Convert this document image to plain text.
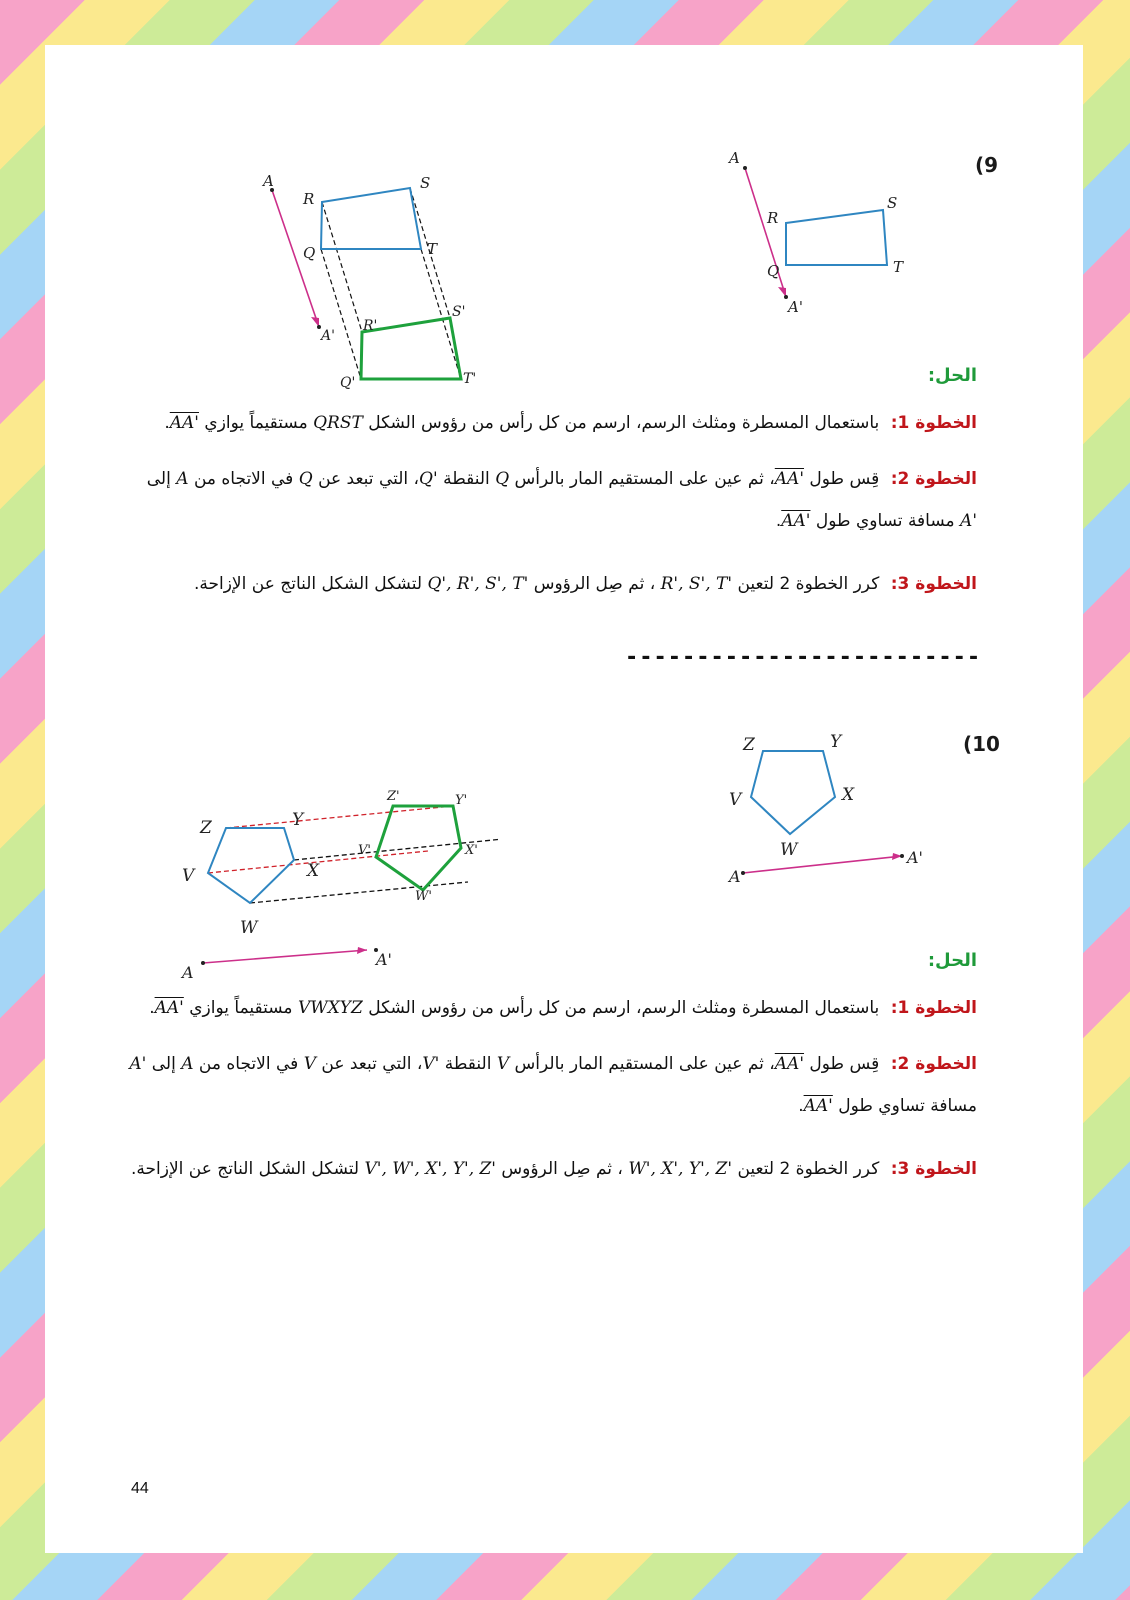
(9
A
R
S
Q	T
A'
A
R
S
Q	T
A'
R'
S'
Q'	T'	الحل:
الخطوة 1: باستعمال المسطرة ومثلث الرسم، ارسم من كل رأس من رؤوس الشكل QRST مستقيماً يوازي AA'.
الخطوة 2: قِس طول AA'، ثم عين على المستقيم المار بالرأس Q النقطة Q'، التي تبعد عن Q في الاتجاه من A إلى A' مسافة تساوي طول AA'.
الخطوة 3: كرر الخطوة 2 لتعين R', S', T' ، ثم صِل الرؤوس Q', R', S', T' لتشكل الشكل الناتج عن الإزاحة.
-------------------------
(10
Z	Y
V	X
W
A
A'
Z	Y
V	X
W
A
A'
Z'	Y'
V'	X'
W'
الحل:
الخطوة 1: باستعمال المسطرة ومثلث الرسم، ارسم من كل رأس من رؤوس الشكل VWXYZ مستقيماً يوازي AA'.
الخطوة 2: قِس طول AA'، ثم عين على المستقيم المار بالرأس V النقطة V'، التي تبعد عن V في الاتجاه من A إلى A' مسافة تساوي طول AA'.
الخطوة 3: كرر الخطوة 2 لتعين W', X', Y', Z' ، ثم صِل الرؤوس V', W', X', Y', Z' لتشكل الشكل الناتج عن الإزاحة.
44
